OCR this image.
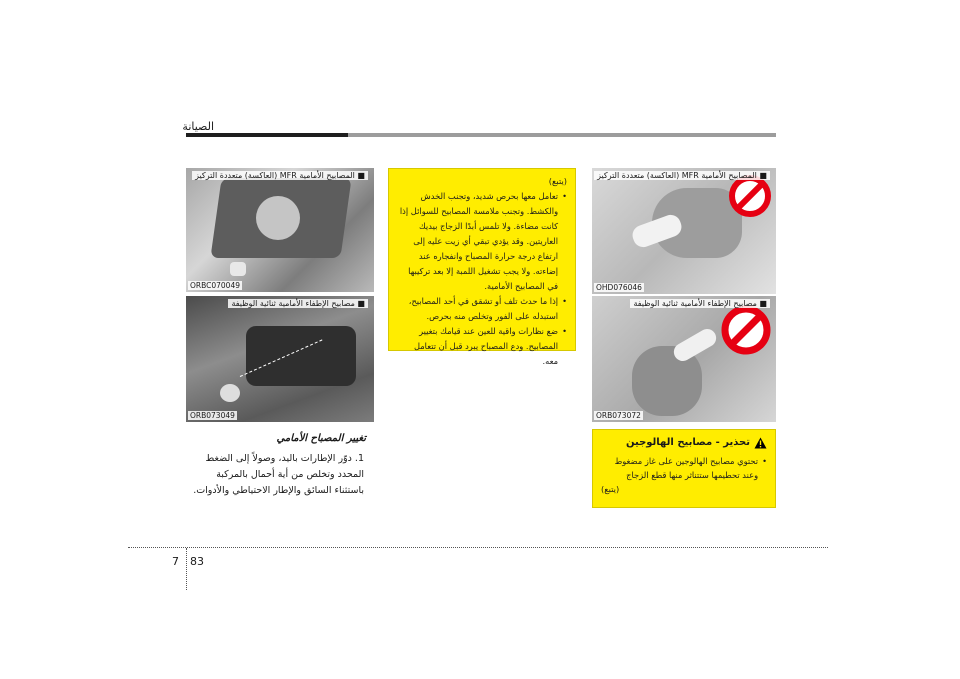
الصيانة
■ المصابيح الأمامية MFR (العاكسة) متعددة التركيز
ORBC070049
■ مصابيح الإطفاء الأمامية ثنائية الوظيفة
ORB073049

(يتبع)

•
تعامل معها بحرص شديد، وتجنب الخدش والكشط. وتجنب ملامسة المصابيح للسوائل إذا كانت مضاءة. ولا تلمس أبدًا الزجاج بيديك العاريتين. وقد يؤدي تبقي أي زيت عليه إلى ارتفاع درجة حرارة المصباح وانفجاره عند إضاءته. ولا يجب تشغيل اللمبة إلا بعد تركيبها في المصابيح الأمامية.
•
إذا ما حدث تلف أو تشقق في أحد المصابيح، استبدله على الفور وتخلص منه بحرص.
•
ضع نظارات واقية للعين عند قيامك بتغيير المصابيح. ودع المصباح يبرد قبل أن تتعامل معه.
■ المصابيح الأمامية MFR (العاكسة) متعددة التركيز
OHD076046
■ مصابيح الإطفاء الأمامية ثنائية الوظيفة
ORB073072
تحذير - مصابيح الهالوجين
•
تحتوي مصابيح الهالوجين على غاز مضغوط وعند تحطيمها ستتناثر منها قطع الزجاج
(يتبع)
تغيير المصباح الأمامي
1. دوّر الإطارات باليد، وصولاً إلى الضغط المحدد وتخلص من أية أحمال بالمركبة باستثناء السائق والإطار الاحتياطي والأدوات.
7 83
